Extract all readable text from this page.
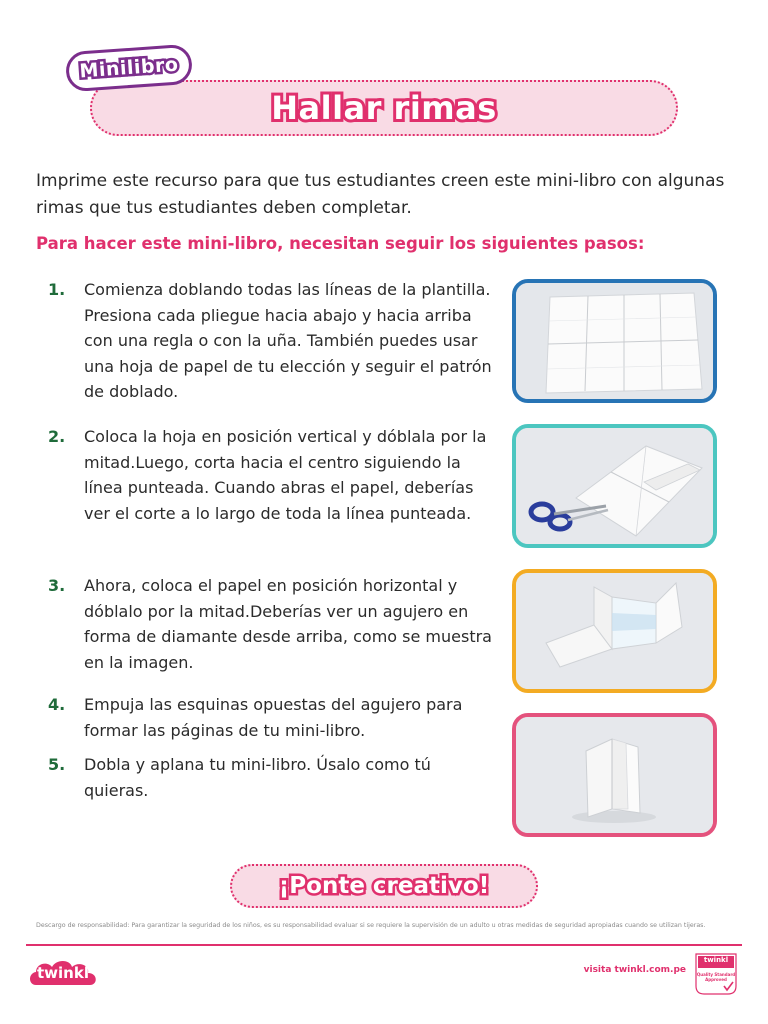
Minilibro
Hallar rimas
Imprime este recurso para que tus estudiantes creen este mini-libro con algunas rimas que tus estudiantes deben completar.
Para hacer este mini-libro, necesitan seguir los siguientes pasos:
1.	Comienza doblando todas las líneas de la plantilla. Presiona cada pliegue hacia abajo y hacia arriba con una regla o con la uña. También puedes usar una hoja de papel de tu elección y seguir el patrón de doblado.
2.	Coloca la hoja en posición vertical y dóblala por la mitad.Luego, corta hacia el centro siguiendo la línea punteada. Cuando abras el papel, deberías ver el corte a lo largo de toda la línea punteada.
3.	Ahora, coloca el papel en posición horizontal y dóblalo por la mitad.Deberías ver un agujero en forma de diamante desde arriba, como se muestra en la imagen.
4.	Empuja las esquinas opuestas del agujero para formar las páginas de tu mini-libro.
5.	Dobla y aplana tu mini-libro. Úsalo como tú quieras.
¡Ponte creativo!
Descargo de responsabilidad: Para garantizar la seguridad de los niños, es su responsabilidad evaluar si se requiere la supervisión de un adulto u otras medidas de seguridad apropiadas cuando se utilizan tijeras.
twinkl	visita twinkl.com.pe
twinkl
Quality Standard Approved
